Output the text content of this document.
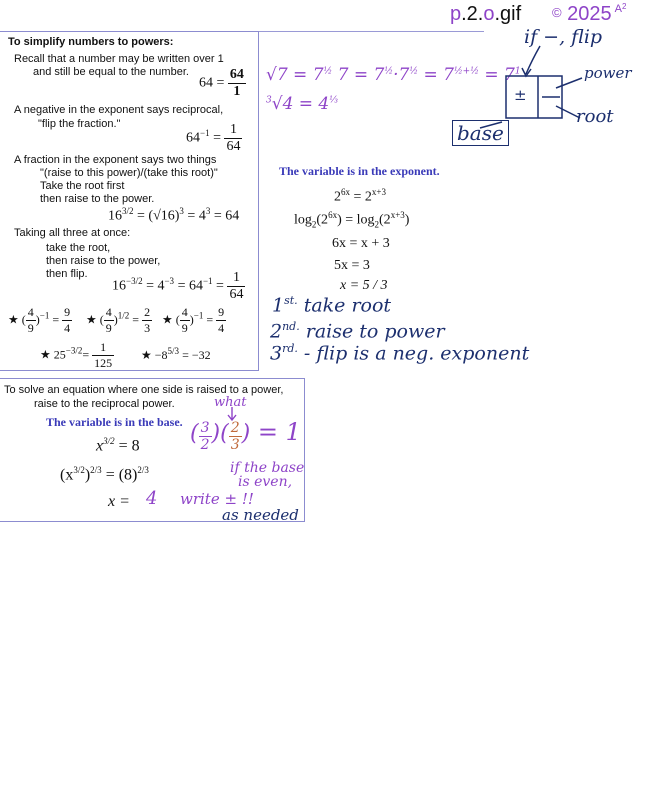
p.2.o.gif © 2025 $^{A2}$
To simplify numbers to powers:
Recall that a number may be written over 1
and still be equal to the number.
$64 = \frac{64}{1}$
A negative in the exponent says reciprocal,
"flip the fraction."
$64^{-1} = \frac{1}{64}$
A fraction in the exponent says two things
"(raise to this power)/(take this root)"
Take the root first
then raise to the power.
$16^{3/2} = (√16)^3 = 4^3 = 64$
Taking all three at once:
take the root,
then raise to the power,
then flip.
$16^{-3/2} = 4^{-3} = 64^{-1} = \frac{1}{64}$
★ ( $\frac{4}{9} )^{-1} = \frac{9}{4}$ ★ ( $\frac{4}{9} )^{1/2} = \frac{2}{3}$ ★ ( $\frac{4}{9} )^{-1} = \frac{9}{4}$
★ $25^{-3/2}= \frac{1}{125}$ ★ $-8^{5/3} = -32$
To solve an equation where one side is raised to a power,
raise to the reciprocal power.
The variable is in the base.
$x^{3/2} = 8$
$(x^{3/2})^{2/3} = (8)^{2/3}$
x = 4
The variable is in the exponent.
$2^{6x} = 2^{x+3}$
$\log_2(2^{6x}) = \log_2(2^{x+3})$
6x = x + 3
5x = 3
x = 5 / 3
$√7 = 7^{\frac{1}{2}}$ $7 = 7^{\frac{1}{2}}\cdot 7^{\frac{1}{2}} = 7^{\frac{1}{2}+\frac{1}{2}} = 7^1$
$^3√4 = 4^{\frac{1}{3}}$
if −, flip
power
root
base
±
$1^{st.}$ take root
$2^{nd.}$ raise to power
$3^{rd.}$ - flip is a neg. exponent
what
( $\frac{3}{2}$ )( $\frac{2}{3}$ ) = 1
if the base
is even,
write ± !!
as needed
